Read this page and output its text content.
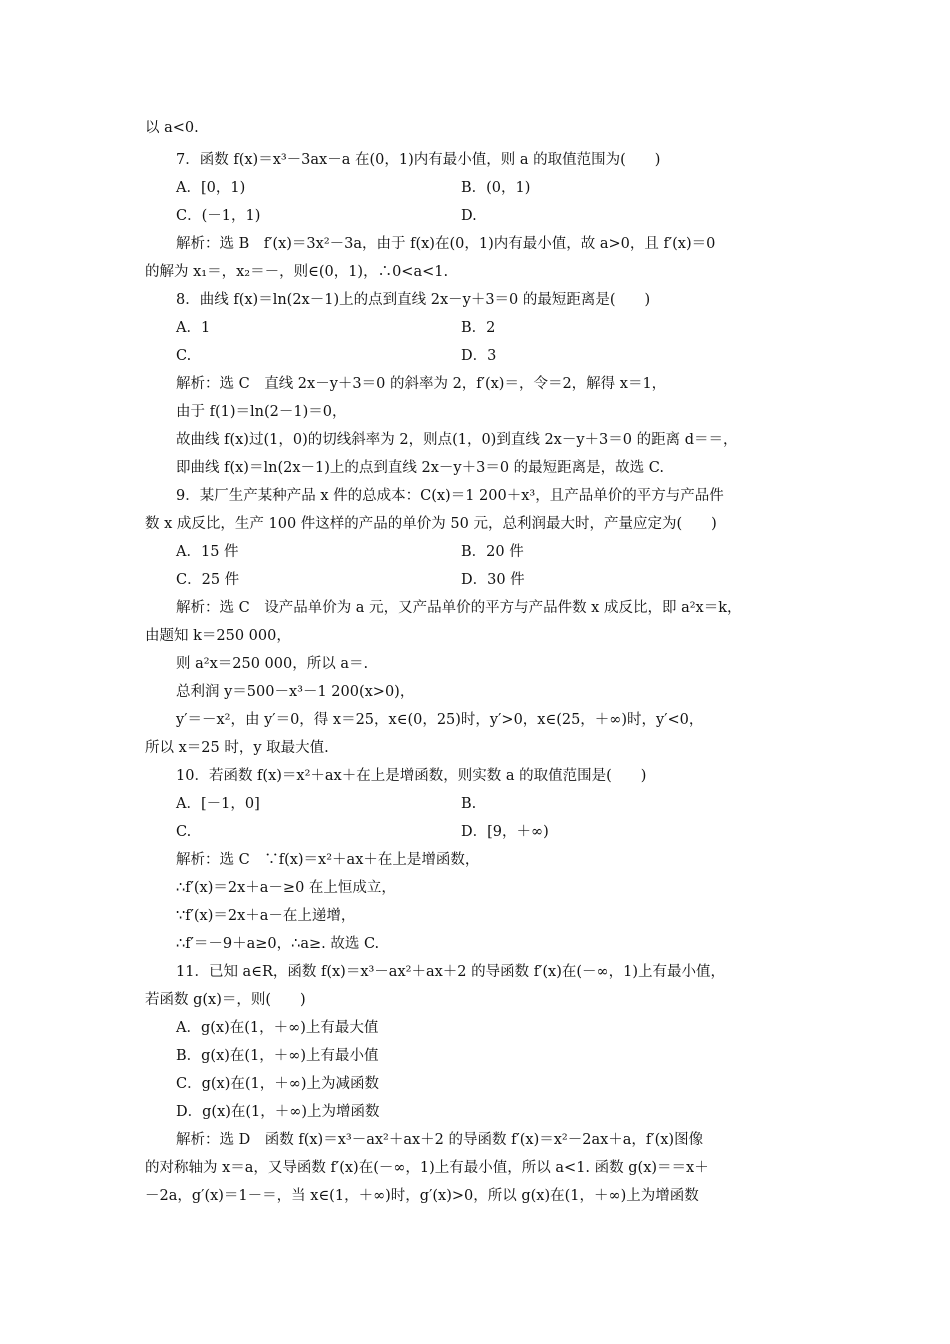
以 a<0.
7．函数 f(x)＝x³－3ax－a 在(0，1)内有最小值，则 a 的取值范围为(　　)
A．[0，1)	B．(0，1)
C．(－1，1)	D.
解析：选 B　f′(x)＝3x²－3a，由于 f(x)在(0，1)内有最小值，故 a>0，且 f′(x)＝0
的解为 x₁＝，x₂＝－，则∈(0，1)，∴0<a<1.
8．曲线 f(x)＝ln(2x－1)上的点到直线 2x－y＋3＝0 的最短距离是(　　)
A．1	B．2
C.	D．3
解析：选 C　直线 2x－y＋3＝0 的斜率为 2，f′(x)＝，令＝2，解得 x＝1，
由于 f(1)＝ln(2－1)＝0，
故曲线 f(x)过(1，0)的切线斜率为 2，则点(1，0)到直线 2x－y＋3＝0 的距离 d＝＝，
即曲线 f(x)＝ln(2x－1)上的点到直线 2x－y＋3＝0 的最短距离是，故选 C.
9．某厂生产某种产品 x 件的总成本：C(x)＝1 200＋x³，且产品单价的平方与产品件
数 x 成反比，生产 100 件这样的产品的单价为 50 元，总利润最大时，产量应定为(　　)
A．15 件	B．20 件
C．25 件	D．30 件
解析：选 C　设产品单价为 a 元，又产品单价的平方与产品件数 x 成反比，即 a²x＝k，
由题知 k＝250 000，
则 a²x＝250 000，所以 a＝.
总利润 y＝500－x³－1 200(x>0)，
y′＝－x²，由 y′＝0，得 x＝25，x∈(0，25)时，y′>0，x∈(25，＋∞)时，y′<0，
所以 x＝25 时，y 取最大值.
10．若函数 f(x)＝x²＋ax＋在上是增函数，则实数 a 的取值范围是(　　)
A．[－1，0]	B.
C.	D．[9，＋∞)
解析：选 C　∵f(x)＝x²＋ax＋在上是增函数，
∴f′(x)＝2x＋a－≥0 在上恒成立，
∵f′(x)＝2x＋a－在上递增，
∴f′＝－9＋a≥0，∴a≥. 故选 C.
11．已知 a∈R，函数 f(x)＝x³－ax²＋ax＋2 的导函数 f′(x)在(－∞，1)上有最小值，
若函数 g(x)＝，则(　　)
A．g(x)在(1，＋∞)上有最大值
B．g(x)在(1，＋∞)上有最小值
C．g(x)在(1，＋∞)上为减函数
D．g(x)在(1，＋∞)上为增函数
解析：选 D　函数 f(x)＝x³－ax²＋ax＋2 的导函数 f′(x)＝x²－2ax＋a，f′(x)图像
的对称轴为 x＝a，又导函数 f′(x)在(－∞，1)上有最小值，所以 a<1. 函数 g(x)＝＝x＋
－2a，g′(x)＝1－＝，当 x∈(1，＋∞)时，g′(x)>0，所以 g(x)在(1，＋∞)上为增函数
